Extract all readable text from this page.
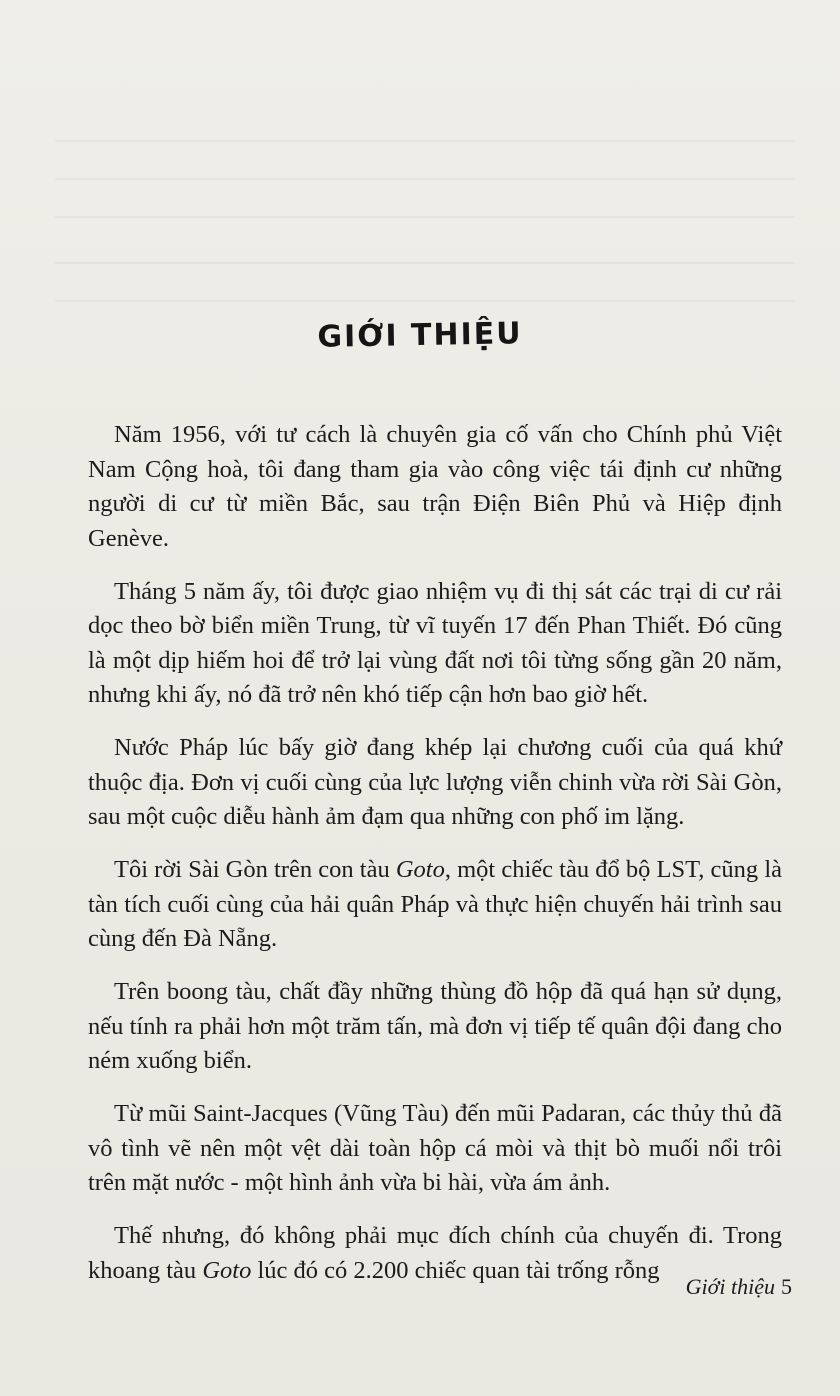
GIỚI THIỆU

Năm 1956, với tư cách là chuyên gia cố vấn cho Chính phủ Việt Nam Cộng hoà, tôi đang tham gia vào công việc tái định cư những người di cư từ miền Bắc, sau trận Điện Biên Phủ và Hiệp định Genève.

Tháng 5 năm ấy, tôi được giao nhiệm vụ đi thị sát các trại di cư rải dọc theo bờ biển miền Trung, từ vĩ tuyến 17 đến Phan Thiết. Đó cũng là một dịp hiếm hoi để trở lại vùng đất nơi tôi từng sống gần 20 năm, nhưng khi ấy, nó đã trở nên khó tiếp cận hơn bao giờ hết.

Nước Pháp lúc bấy giờ đang khép lại chương cuối của quá khứ thuộc địa. Đơn vị cuối cùng của lực lượng viễn chinh vừa rời Sài Gòn, sau một cuộc diễu hành ảm đạm qua những con phố im lặng.

Tôi rời Sài Gòn trên con tàu Goto, một chiếc tàu đổ bộ LST, cũng là tàn tích cuối cùng của hải quân Pháp và thực hiện chuyến hải trình sau cùng đến Đà Nẵng.

Trên boong tàu, chất đầy những thùng đồ hộp đã quá hạn sử dụng, nếu tính ra phải hơn một trăm tấn, mà đơn vị tiếp tế quân đội đang cho ném xuống biển.

Từ mũi Saint-Jacques (Vũng Tàu) đến mũi Padaran, các thủy thủ đã vô tình vẽ nên một vệt dài toàn hộp cá mòi và thịt bò muối nổi trôi trên mặt nước - một hình ảnh vừa bi hài, vừa ám ảnh.

Thế nhưng, đó không phải mục đích chính của chuyến đi. Trong khoang tàu Goto lúc đó có 2.200 chiếc quan tài trống rỗng

Giới thiệu 5
